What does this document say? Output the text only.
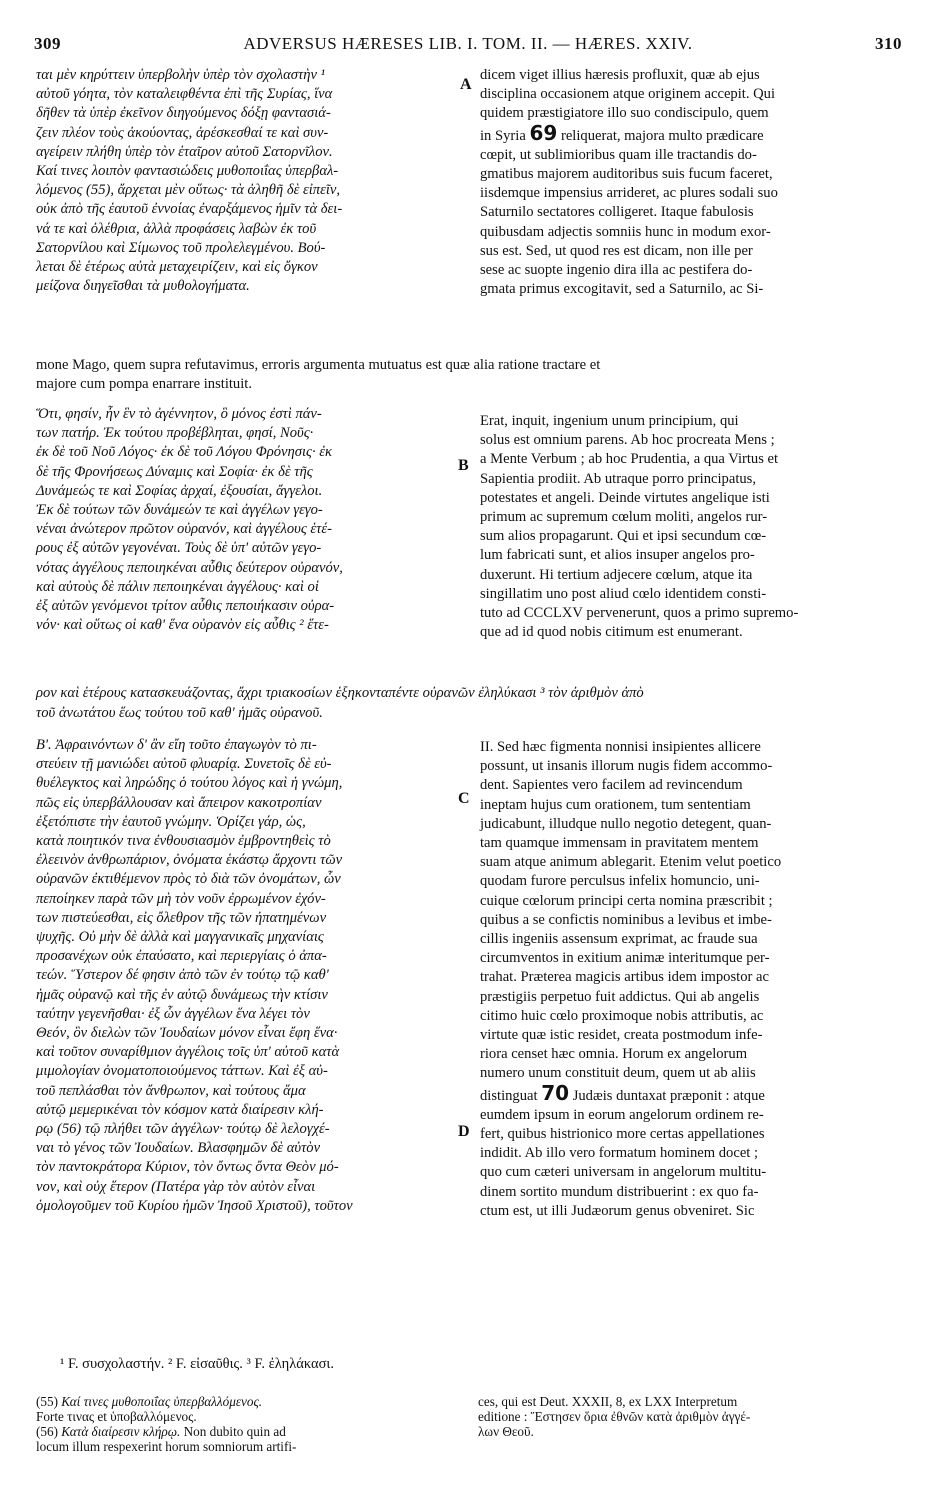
309	ADVERSUS HÆRESES LIB. I. TOM. II. — HÆRES. XXIV.	310
ται μὲν κηρύττειν ὑπερβολὴν ὑπὲρ τὸν σχολαστὴν ¹
αὐτοῦ γόητα, τὸν καταλειφθέντα ἐπὶ τῆς Συρίας, ἵνα
δῆθεν τὰ ὑπὲρ ἐκεῖνον διηγούμενος δόξῃ φαντασιά-
ζειν πλέον τοὺς ἀκούοντας, ἀρέσκεσθαί τε καὶ συν-
αγείρειν πλήθη ὑπὲρ τὸν ἑταῖρον αὐτοῦ Σατορνῖλον.
Καί τινες λοιπὸν φαντασιώδεις μυθοποιΐας ὑπερβαλ-
λόμενος (55), ἄρχεται μὲν οὕτως· τὰ ἀληθῆ δὲ εἰπεῖν,
οὐκ ἀπὸ τῆς ἑαυτοῦ ἐννοίας ἐναρξάμενος ἡμῖν τὰ δει-
νά τε καὶ ὀλέθρια, ἀλλὰ προφάσεις λαβὼν ἐκ τοῦ
Σατορνίλου καὶ Σίμωνος τοῦ προλελεγμένου. Βού-
λεται δὲ ἑτέρως αὐτὰ μεταχειρίζειν, καὶ εἰς ὄγκον
μείζονα διηγεῖσθαι τὰ μυθολογήματα.
A
dicem viget illius hæresis profluxit, quæ ab ejus
disciplina occasionem atque originem accepit. Qui
quidem præstigiatore illo suo condiscipulo, quem
in Syria 69 reliquerat, majora multo prædicare
cœpit, ut sublimioribus quam ille tractandis do-
gmatibus majorem auditoribus suis fucum faceret,
iisdemque impensius arrideret, ac plures sodali suo
Saturnilo sectatores colligeret. Itaque fabulosis
quibusdam adjectis somniis hunc in modum exor-
sus est. Sed, ut quod res est dicam, non ille per
sese ac suopte ingenio dira illa ac pestifera do-
gmata primus excogitavit, sed a Saturnilo, ac Si-
mone Mago, quem supra refutavimus, erroris argumenta mutuatus est quæ alia ratione tractare et
majore cum pompa enarrare instituit.
Ὅτι, φησίν, ἦν ἓν τὸ ἀγέννητον, ὃ μόνος ἐστὶ πάν-
των πατήρ. Ἐκ τούτου προβέβληται, φησί, Νοῦς·
ἐκ δὲ τοῦ Νοῦ Λόγος· ἐκ δὲ τοῦ Λόγου Φρόνησις· ἐκ
δὲ τῆς Φρονήσεως Δύναμις καὶ Σοφία· ἐκ δὲ τῆς
Δυνάμεώς τε καὶ Σοφίας ἀρχαί, ἐξουσίαι, ἄγγελοι.
Ἐκ δὲ τούτων τῶν δυνάμεών τε καὶ ἀγγέλων γεγο-
νέναι ἀνώτερον πρῶτον οὐρανόν, καὶ ἀγγέλους ἑτέ-
ρους ἐξ αὐτῶν γεγονέναι. Τοὺς δὲ ὑπ' αὐτῶν γεγο-
νότας ἀγγέλους πεποιηκέναι αὖθις δεύτερον οὐρανόν,
καὶ αὐτοὺς δὲ πάλιν πεποιηκέναι ἀγγέλους· καὶ οἱ
ἐξ αὐτῶν γενόμενοι τρίτον αὖθις πεποιήκασιν οὐρα-
νόν· καὶ οὕτως οἱ καθ' ἕνα οὐρανὸν εἰς αὖθις ² ἕτε-
B
Erat, inquit, ingenium unum principium, qui
solus est omnium parens. Ab hoc procreata Mens ;
a Mente Verbum ; ab hoc Prudentia, a qua Virtus et
Sapientia prodiit. Ab utraque porro principatus,
potestates et angeli. Deinde virtutes angelique isti
primum ac supremum cœlum moliti, angelos rur-
sum alios propagarunt. Qui et ipsi secundum cœ-
lum fabricati sunt, et alios insuper angelos pro-
duxerunt. Hi tertium adjecere cœlum, atque ita
singillatim uno post aliud cœlo identidem consti-
tuto ad CCCLXV pervenerunt, quos a primo supremo-
que ad id quod nobis citimum est enumerant.
ρον καὶ ἑτέρους κατασκευάζοντας, ἄχρι τριακοσίων ἑξηκονταπέντε οὐρανῶν ἐληλύκασι ³ τὸν ἀριθμὸν ἀπὸ
τοῦ ἀνωτάτου ἕως τούτου τοῦ καθ' ἡμᾶς οὐρανοῦ.
Β'. Ἀφραινόντων δ' ἂν εἴη τοῦτο ἐπαγωγὸν τὸ πι-
στεύειν τῇ μανιώδει αὐτοῦ φλυαρίᾳ. Συνετοῖς δὲ εὐ-
θυέλεγκτος καὶ ληρώδης ὁ τούτου λόγος καὶ ἡ γνώμη,
πῶς εἰς ὑπερβάλλουσαν καὶ ἄπειρον κακοτροπίαν
ἐξετόπιστε τὴν ἑαυτοῦ γνώμην. Ὁρίζει γάρ, ὡς,
κατὰ ποιητικόν τινα ἐνθουσιασμὸν ἐμβροντηθεὶς τὸ
ἐλεεινὸν ἀνθρωπάριον, ὀνόματα ἑκάστῳ ἄρχοντι τῶν
οὐρανῶν ἐκτιθέμενον πρὸς τὸ διὰ τῶν ὀνομάτων, ὧν
πεποίηκεν παρὰ τῶν μὴ τὸν νοῦν ἐρρωμένον ἐχόν-
των πιστεύεσθαι, εἰς ὄλεθρον τῆς τῶν ἠπατημένων
ψυχῆς. Οὐ μὴν δὲ ἀλλὰ καὶ μαγγανικαῖς μηχανίαις
προσανέχων οὐκ ἐπαύσατο, καὶ περιεργίαις ὁ ἀπα-
τεών. Ὕστερον δέ φησιν ἀπὸ τῶν ἐν τούτῳ τῷ καθ'
ἡμᾶς οὐρανῷ καὶ τῆς ἐν αὐτῷ δυνάμεως τὴν κτίσιν
ταύτην γεγενῆσθαι· ἐξ ὧν ἀγγέλων ἕνα λέγει τὸν
Θεόν, ὃν διελὼν τῶν Ἰουδαίων μόνον εἶναι ἔφη ἕνα·
καὶ τοῦτον συναρίθμιον ἀγγέλοις τοῖς ὑπ' αὐτοῦ κατὰ
μιμολογίαν ὀνοματοποιούμενος τάττων. Καὶ ἐξ αὐ-
τοῦ πεπλάσθαι τὸν ἄνθρωπον, καὶ τούτους ἅμα
αὐτῷ μεμερικέναι τὸν κόσμον κατὰ διαίρεσιν κλή-
ρῳ (56) τῷ πλήθει τῶν ἀγγέλων· τούτῳ δὲ λελογχέ-
ναι τὸ γένος τῶν Ἰουδαίων. Βλασφημῶν δὲ αὐτὸν
τὸν παντοκράτορα Κύριον, τὸν ὄντως ὄντα Θεὸν μό-
νον, καὶ οὐχ ἕτερον (Πατέρα γὰρ τὸν αὐτὸν εἶναι
ὁμολογοῦμεν τοῦ Κυρίου ἡμῶν Ἰησοῦ Χριστοῦ), τοῦτον
C
D
II. Sed hæc figmenta nonnisi insipientes allicere
possunt, ut insanis illorum nugis fidem accommo-
dent. Sapientes vero facilem ad revincendum
ineptam hujus cum orationem, tum sententiam
judicabunt, illudque nullo negotio detegent, quan-
tam quamque immensam in pravitatem mentem
suam atque animum ablegarit. Etenim velut poetico
quodam furore perculsus infelix homuncio, uni-
cuique cœlorum principi certa nomina præscribit ;
quibus a se confictis nominibus a levibus et imbe-
cillis ingeniis assensum exprimat, ac fraude sua
circumventos in exitium animæ interitumque per-
trahat. Præterea magicis artibus idem impostor ac
præstigiis perpetuo fuit addictus. Qui ab angelis
citimo huic cœlo proximoque nobis attributis, ac
virtute quæ istic residet, creata postmodum infe-
riora censet hæc omnia. Horum ex angelorum
numero unum constituit deum, quem ut ab aliis
distinguat 70 Judæis duntaxat præponit : atque
eumdem ipsum in eorum angelorum ordinem re-
fert, quibus histrionico more certas appellationes
indidit. Ab illo vero formatum hominem docet ;
quo cum cæteri universam in angelorum multitu-
dinem sortito mundum distribuerint : ex quo fa-
ctum est, ut illi Judæorum genus obveniret. Sic
¹ F. συσχολαστήν. ² F. εἰσαῦθις. ³ F. ἐληλάκασι.
(55) Καί τινες μυθοποιΐας ὑπερβαλλόμενος.
Forte τινας et ὑποβαλλόμενος.
(56) Κατὰ διαίρεσιν κλήρῳ. Non dubito quin ad
locum illum respexerint horum somniorum artifi-
ces, qui est Deut. XXXII, 8, ex LXX Interpretum
editione : Ἔστησεν ὅρια ἐθνῶν κατὰ ἀριθμὸν ἀγγέ-
λων Θεοῦ.
